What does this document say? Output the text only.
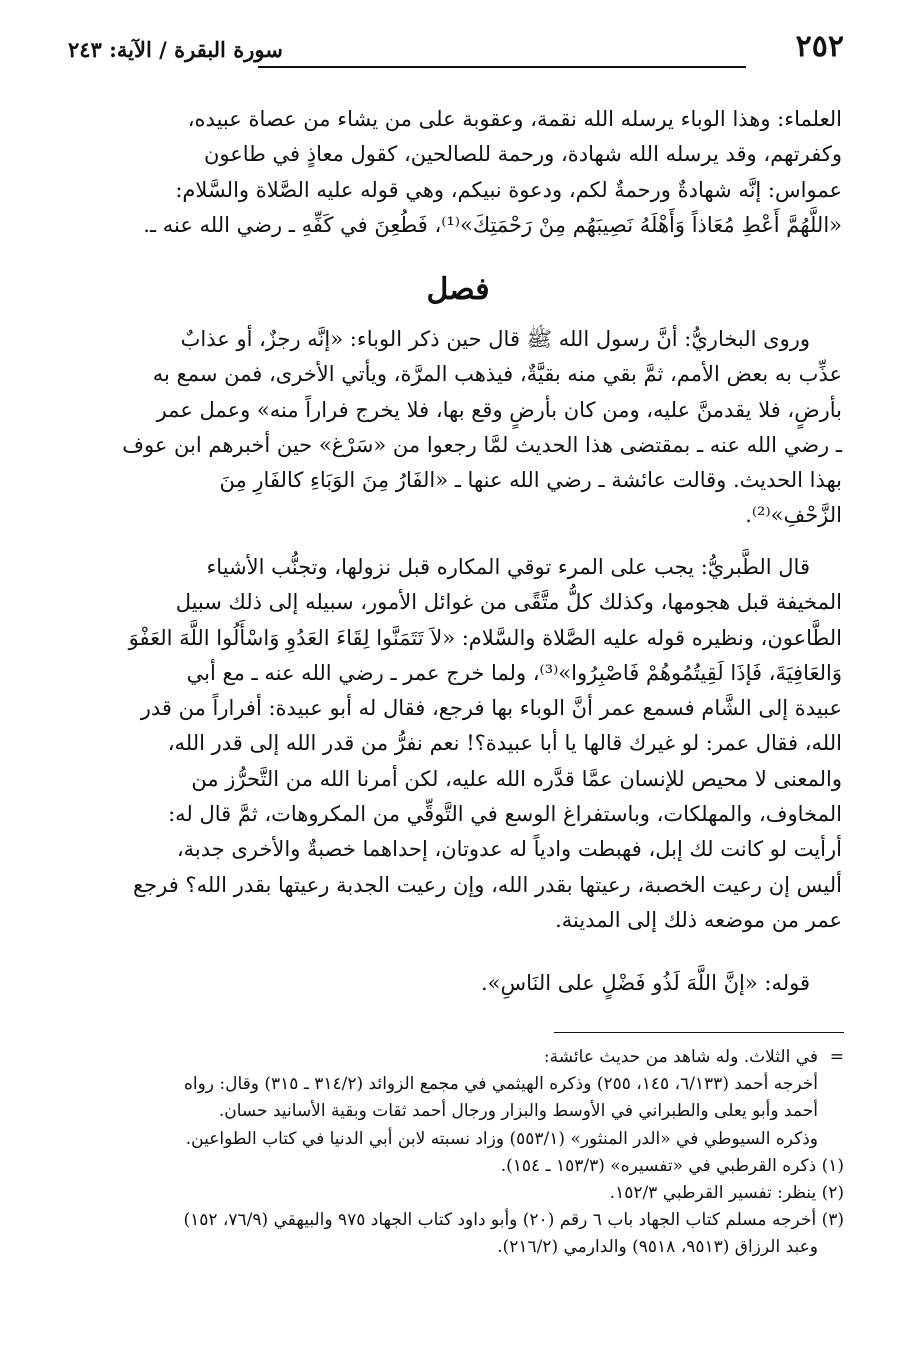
٢٥٢
سورة البقرة / الآية: ٢٤٣

العلماء: وهذا الوباء يرسله الله نقمة، وعقوبة على من يشاء من عصاة عبيده،

وكفرتهم، وقد يرسله الله شهادة، ورحمة للصالحين، كقول معاذٍ في طاعون

عمواس: إنَّه شهادةٌ ورحمةٌ لكم، ودعوة نبيكم، وهي قوله عليه الصَّلاة والسَّلام:

«اللَّهُمَّ أَعْطِ مُعَاذاً وَأَهْلَهُ نَصِيبَهُم مِنْ رَحْمَتِكَ»⁽¹⁾، فَطُعِنَ في كَفِّهِ ـ رضي الله عنه ـ.

فصل

وروى البخاريُّ: أنَّ رسول الله ﷺ قال حين ذكر الوباء: «إنَّه رجزٌ، أو عذابٌ

عذِّب به بعض الأمم، ثمَّ بقي منه بقيَّةٌ، فيذهب المرَّة، ويأتي الأخرى، فمن سمع به

بأرضٍ، فلا يقدمنَّ عليه، ومن كان بأرضٍ وقع بها، فلا يخرج فراراً منه» وعمل عمر

ـ رضي الله عنه ـ بمقتضى هذا الحديث لمَّا رجعوا من «سَرْغ» حين أخبرهم ابن عوف

بهذا الحديث. وقالت عائشة ـ رضي الله عنها ـ «الفَارُ مِنَ الوَبَاءِ كالفَارِ مِنَ

الزَّحْفِ»⁽²⁾.

قال الطَّبريُّ: يجب على المرء توقي المكاره قبل نزولها، وتجنُّب الأشياء

المخيفة قبل هجومها، وكذلك كلُّ متَّقًى من غوائل الأمور، سبيله إلى ذلك سبيل

الطَّاعون، ونظيره قوله عليه الصَّلاة والسَّلام: «لاَ تَتَمَنَّوا لِقَاءَ العَدُوِ وَاسْأَلُوا اللَّهَ العَفْوَ

وَالعَافِيَةَ، فَإذَا لَقِيتُمُوهُمْ فَاصْبِرُوا»⁽³⁾، ولما خرج عمر ـ رضي الله عنه ـ مع أبي

عبيدة إلى الشَّام فسمع عمر أنَّ الوباء بها فرجع، فقال له أبو عبيدة: أفراراً من قدر

الله، فقال عمر: لو غيرك قالها يا أبا عبيدة؟! نعم نفرُّ من قدر الله إلى قدر الله،

والمعنى لا محيص للإنسان عمَّا قدَّره الله عليه، لكن أمرنا الله من التَّحرُّز من

المخاوف، والمهلكات، وباستفراغ الوسع في التَّوقِّي من المكروهات، ثمَّ قال له:

أرأيت لو كانت لك إبل، فهبطت وادياً له عدوتان، إحداهما خصبةٌ والأخرى جدبة،

أليس إن رعيت الخصبة، رعيتها بقدر الله، وإن رعيت الجدبة رعيتها بقدر الله؟ فرجع

عمر من موضعه ذلك إلى المدينة.

قوله: «إنَّ اللَّهَ لَذُو فَضْلٍ على النَاسِ».

=في الثلاث. وله شاهد من حديث عائشة:

أخرجه أحمد (٦/١٣٣، ١٤٥، ٢٥٥) وذكره الهيثمي في مجمع الزوائد (٣١٤/٢ ـ ٣١٥) وقال: رواه

أحمد وأبو يعلى والطبراني في الأوسط والبزار ورجال أحمد ثقات وبقية الأسانيد حسان.

وذكره السيوطي في «الدر المنثور» (٥٥٣/١) وزاد نسبته لابن أبي الدنيا في كتاب الطواعين.

(١) ذكره القرطبي في «تفسيره» (١٥٣/٣ ـ ١٥٤).

(٢) ينظر: تفسير القرطبي ١٥٢/٣.

(٣) أخرجه مسلم كتاب الجهاد باب ٦ رقم (٢٠) وأبو داود كتاب الجهاد ٩٧٥ والبيهقي (٧٦/٩، ١٥٢)

وعبد الرزاق (٩٥١٣، ٩٥١٨) والدارمي (٢١٦/٢).
